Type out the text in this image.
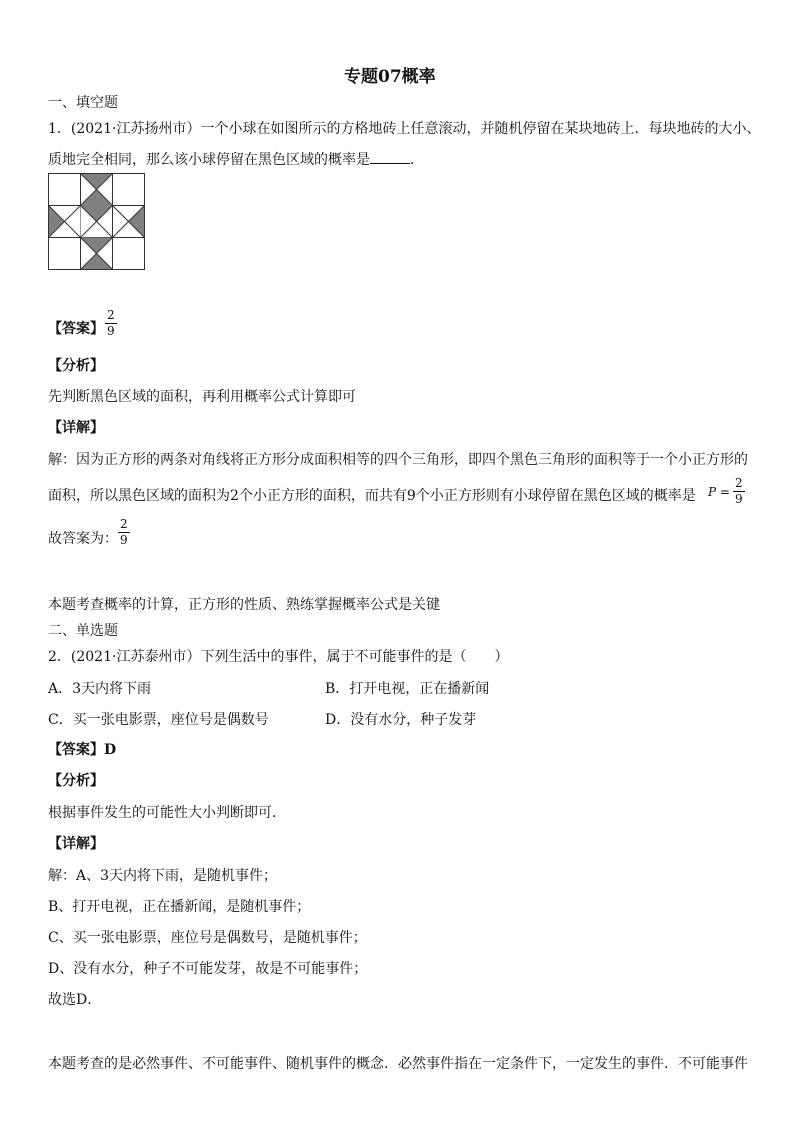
专题07概率
一、填空题
1．(2021·江苏扬州市）一个小球在如图所示的方格地砖上任意滚动，并随机停留在某块地砖上．每块地砖的大小、
质地完全相同，那么该小球停留在黑色区域的概率是	．
【答案】
2
9
【分析】
先判断黑色区域的面积，再利用概率公式计算即可
【详解】
解：因为正方形的两条对角线将正方形分成面积相等的四个三角形，即四个黑色三角形的面积等于一个小正方形的
面积，所以黑色区域的面积为2个小正方形的面积，而共有9个小正方形则有小球停留在黑色区域的概率是 P =
2
9
故答案为：
2
9
本题考查概率的计算，正方形的性质、熟练掌握概率公式是关键
二、单选题
2．(2021·江苏泰州市）下列生活中的事件，属于不可能事件的是（　　）
A．3天内将下雨	B．打开电视，正在播新闻
C．买一张电影票，座位号是偶数号	D．没有水分，种子发芽
【答案】D
【分析】
根据事件发生的可能性大小判断即可．
【详解】
解：A、3天内将下雨，是随机事件；
B、打开电视，正在播新闻，是随机事件；
C、买一张电影票，座位号是偶数号，是随机事件；
D、没有水分，种子不可能发芽，故是不可能事件；
故选D．
本题考查的是必然事件、不可能事件、随机事件的概念．必然事件指在一定条件下，一定发生的事件．不可能事件
